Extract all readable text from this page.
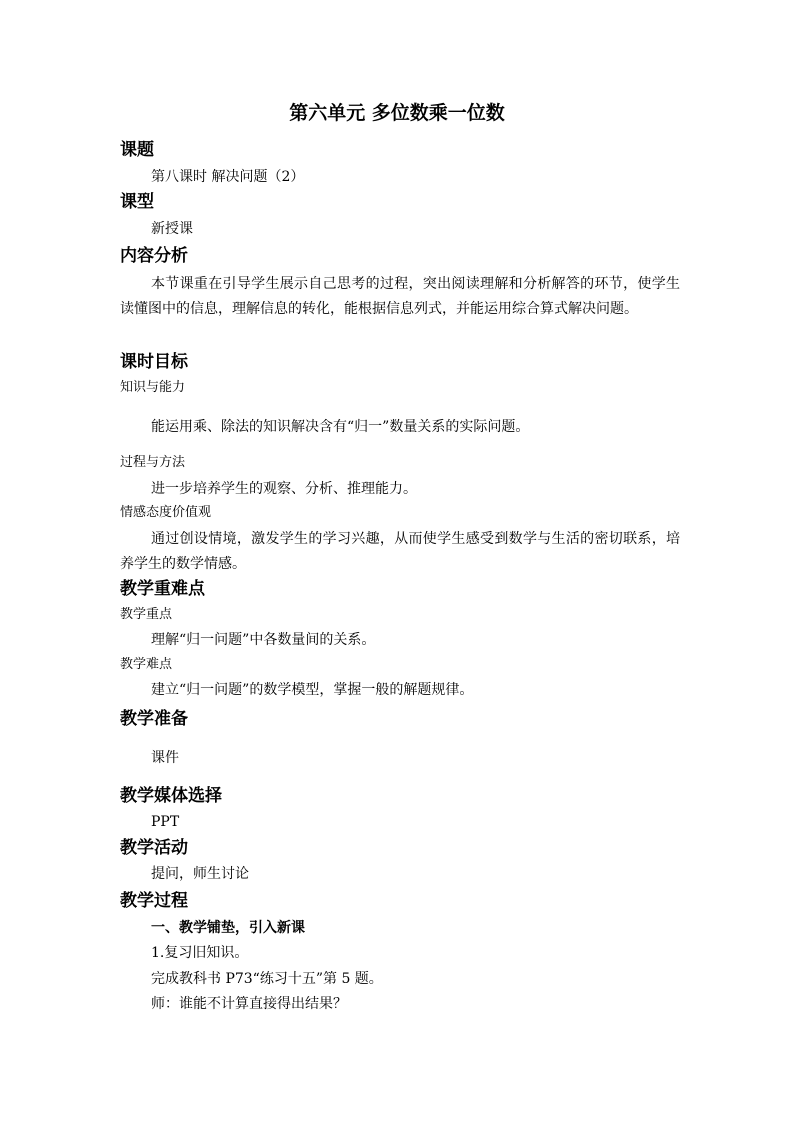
第六单元 多位数乘一位数
课题
第八课时 解决问题（2）
课型
新授课
内容分析
本节课重在引导学生展示自己思考的过程，突出阅读理解和分析解答的环节，使学生读懂图中的信息，理解信息的转化，能根据信息列式，并能运用综合算式解决问题。
课时目标
知识与能力
能运用乘、除法的知识解决含有“归一”数量关系的实际问题。
过程与方法
进一步培养学生的观察、分析、推理能力。
情感态度价值观
通过创设情境，激发学生的学习兴趣，从而使学生感受到数学与生活的密切联系，培养学生的数学情感。
教学重难点
教学重点
理解“归一问题”中各数量间的关系。
教学难点
建立“归一问题”的数学模型，掌握一般的解题规律。
教学准备
课件
教学媒体选择
PPT
教学活动
提问，师生讨论
教学过程
一、教学铺垫，引入新课
1.复习旧知识。
完成教科书 P73“练习十五”第 5 题。
师：谁能不计算直接得出结果？
